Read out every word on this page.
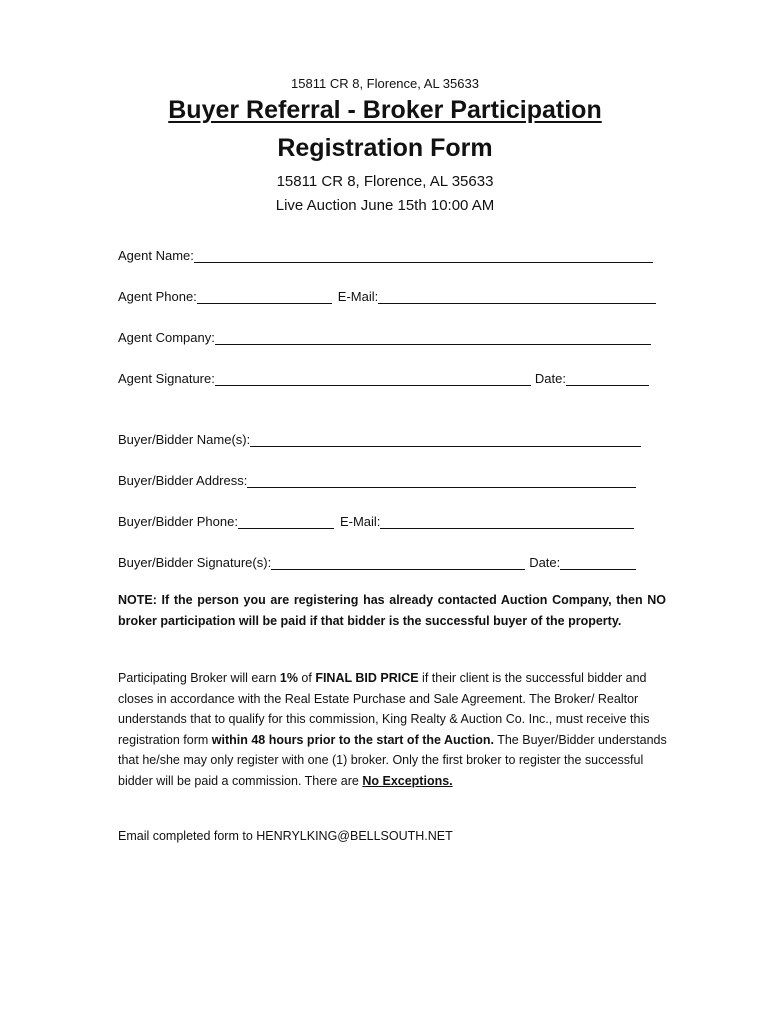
15811 CR 8, Florence, AL 35633
Buyer Referral - Broker Participation
Registration Form
15811 CR 8, Florence, AL 35633
Live Auction June 15th 10:00 AM
Agent Name:
Agent Phone:	E-Mail:
Agent Company:
Agent Signature:	Date:
Buyer/Bidder Name(s):
Buyer/Bidder Address:
Buyer/Bidder Phone:	E-Mail:
Buyer/Bidder Signature(s):	Date:
NOTE: If the person you are registering has already contacted Auction Company, then NO broker participation will be paid if that bidder is the successful buyer of the property.
Participating Broker will earn 1% of FINAL BID PRICE if their client is the successful bidder and closes in accordance with the Real Estate Purchase and Sale Agreement. The Broker/ Realtor understands that to qualify for this commission, King Realty & Auction Co. Inc., must receive this registration form within 48 hours prior to the start of the Auction. The Buyer/Bidder understands that he/she may only register with one (1) broker. Only the first broker to register the successful bidder will be paid a commission. There are No Exceptions.
Email completed form to HENRYLKING@BELLSOUTH.NET
